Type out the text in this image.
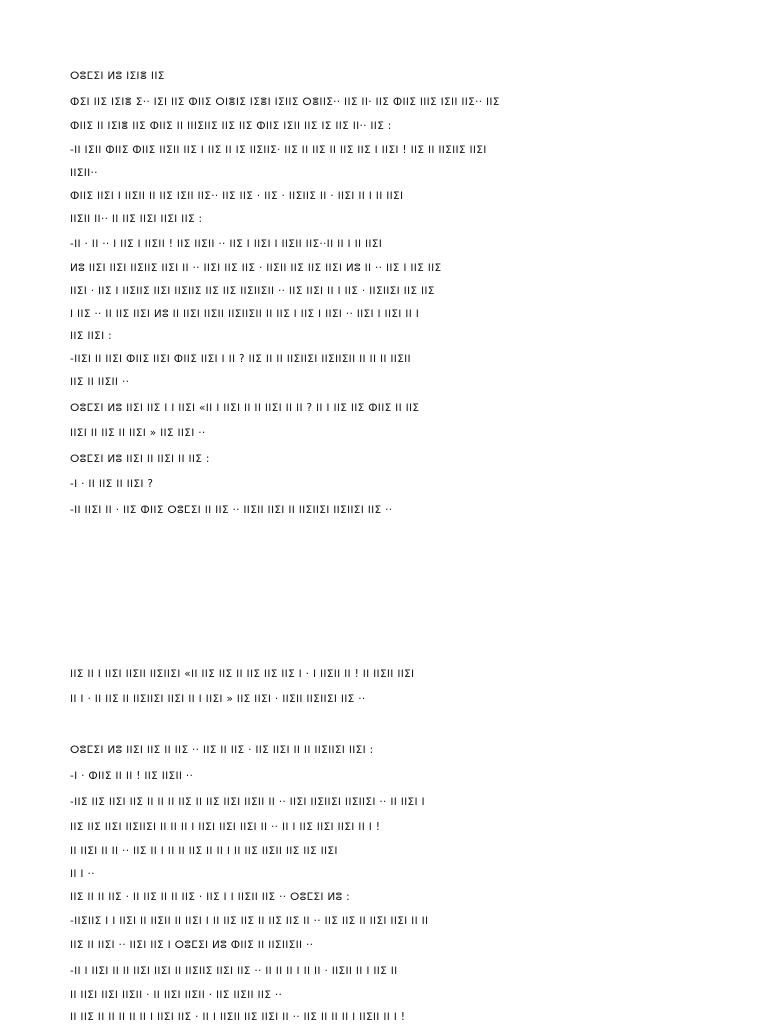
ⵔⵓⵎⵉⵏ ⵍⵓ ⵏⵉⵏⴻ ⵏⵏⵉ
ⵀⵉⵏ ⵏⵏⵉ ⵏⵉⵏⴻ ⵉ·· ⵏⵉⵏ ⵏⵏⵉ ⵀⵏⵏⵉ ⵔⵏⴻⵏⵉ ⵏⵉⴻⵏ ⵏⵉⵏⵏⵉ ⵔⴻⵏⵏⵉ·· ⵏⵏⵉ ⵏⵏ· ⵏⵏⵉ ⵀⵏⵏⵉ ⵏⵏⵏⵉ ⵏⵉⵏⵏ ⵏⵏⵉ·· ⵏⵏⵉ
ⵀⵏⵏⵉ ⵏⵏ ⵏⵉⵏⴻ ⵏⵏⵉ ⵀⵏⵏⵉ ⵏⵏ ⵏⵏⵏⵉⵏⵏⵉ ⵏⵏⵉ ⵏⵏⵉ ⵀⵏⵏⵉ ⵏⵉⵏⵏ ⵏⵏⵉ ⵏⵉ ⵏⵏⵉ ⵏⵏ·· ⵏⵏⵉ :
-ⵏⵏ ⵏⵉⵏⵏ ⵀⵏⵏⵉ ⵀⵏⵏⵉ ⵏⵏⵉⵏⵏ ⵏⵏⵉ ⵏ ⵏⵏⵉ ⵏⵏ ⵏⵉ ⵏⵏⵉⵏⵏⵉ· ⵏⵏⵉ ⵏⵏ ⵏⵏⵉ ⵏⵏ ⵏⵏⵉ ⵏⵏⵉ ⵏ ⵏⵏⵉⵏ ! ⵏⵏⵉ ⵏⵏ ⵏⵏⵉⵏⵏⵉ ⵏⵏⵉⵏ
ⵏⵏⵉⵏⵏ··
ⵀⵏⵏⵉ ⵏⵏⵉⵏ ⵏ ⵏⵏⵉⵏⵏ ⵏⵏ ⵏⵏⵉ ⵏⵉⵏⵏ ⵏⵏⵉ·· ⵏⵏⵉ ⵏⵏⵉ · ⵏⵏⵉ · ⵏⵏⵉⵏⵏⵉ ⵏⵏ · ⵏⵏⵉⵏ ⵏⵏ ⵏ ⵏⵏ ⵏⵏⵉⵏ
ⵏⵏⵉⵏⵏ ⵏⵏ·· ⵏⵏ ⵏⵏⵉ ⵏⵏⵉⵏ ⵏⵏⵉⵏ ⵏⵏⵉ :
-ⵏⵏ · ⵏⵏ ·· ⵏ ⵏⵏⵉ ⵏ ⵏⵏⵉⵏⵏ ! ⵏⵏⵉ ⵏⵏⵉⵏⵏ ·· ⵏⵏⵉ ⵏ ⵏⵏⵉⵏ ⵏ ⵏⵏⵉⵏⵏ ⵏⵏⵉ··ⵏⵏ ⵏⵏ ⵏ ⵏⵏ ⵏⵏⵉⵏ
ⵍⵓ ⵏⵏⵉⵏ ⵏⵏⵉⵏ ⵏⵏⵉⵏⵏⵉ ⵏⵏⵉⵏ ⵏⵏ ·· ⵏⵏⵉⵏ ⵏⵏⵉ ⵏⵏⵉ · ⵏⵏⵉⵏⵏ ⵏⵏⵉ ⵏⵏⵉ ⵏⵏⵉⵏ ⵍⵓ ⵏⵏ ·· ⵏⵏⵉ ⵏ ⵏⵏⵉ ⵏⵏⵉ
ⵏⵏⵉⵏ · ⵏⵏⵉ ⵏ ⵏⵏⵉⵏⵏⵉ ⵏⵏⵉⵏ ⵏⵏⵉⵏⵏⵉ ⵏⵏⵉ ⵏⵏⵉ ⵏⵏⵉⵏⵏⵉⵏⵏ ·· ⵏⵏⵉ ⵏⵏⵉⵏ ⵏⵏ ⵏ ⵏⵏⵉ · ⵏⵏⵉⵏⵏⵉⵏ ⵏⵏⵉ ⵏⵏⵉ
ⵏ ⵏⵏⵉ ·· ⵏⵏ ⵏⵏⵉ ⵏⵏⵉⵏ ⵍⵓ ⵏⵏ ⵏⵏⵉⵏ ⵏⵏⵉⵏⵏ ⵏⵏⵉⵏⵏⵉⵏⵏ ⵏⵏ ⵏⵏⵉ ⵏ ⵏⵏⵉ ⵏ ⵏⵏⵉⵏ ·· ⵏⵏⵉⵏ ⵏ ⵏⵏⵉⵏ ⵏⵏ ⵏ
ⵏⵏⵉ ⵏⵏⵉⵏ :
-ⵏⵏⵉⵏ ⵏⵏ ⵏⵏⵉⵏ ⵀⵏⵏⵉ ⵏⵏⵉⵏ ⵀⵏⵏⵉ ⵏⵏⵉⵏ ⵏ ⵏⵏ ? ⵏⵏⵉ ⵏⵏ ⵏⵏ ⵏⵏⵉⵏⵏⵉⵏ ⵏⵏⵉⵏⵏⵉⵏⵏ ⵏⵏ ⵏⵏ ⵏⵏ ⵏⵏⵉⵏⵏ
ⵏⵏⵉ ⵏⵏ ⵏⵏⵉⵏⵏ ··
ⵔⵓⵎⵉⵏ ⵍⵓ ⵏⵏⵉⵏ ⵏⵏⵉ ⵏ ⵏ ⵏⵏⵉⵏ «ⵏⵏ ⵏ ⵏⵏⵉⵏ ⵏⵏ ⵏⵏ ⵏⵏⵉⵏ ⵏⵏ ⵏⵏ ? ⵏⵏ ⵏ ⵏⵏⵉ ⵏⵏⵉ ⵀⵏⵏⵉ ⵏⵏ ⵏⵏⵉ
ⵏⵏⵉⵏ ⵏⵏ ⵏⵏⵉ ⵏⵏ ⵏⵏⵉⵏ » ⵏⵏⵉ ⵏⵏⵉⵏ ··
ⵔⵓⵎⵉⵏ ⵍⵓ ⵏⵏⵉⵏ ⵏⵏ ⵏⵏⵉⵏ ⵏⵏ ⵏⵏⵉ :
-ⵏ · ⵏⵏ ⵏⵏⵉ ⵏⵏ ⵏⵏⵉⵏ ?
-ⵏⵏ ⵏⵏⵉⵏ ⵏⵏ · ⵏⵏⵉ ⵀⵏⵏⵉ ⵔⵓⵎⵉⵏ ⵏⵏ ⵏⵏⵉ ·· ⵏⵏⵉⵏⵏ ⵏⵏⵉⵏ ⵏⵏ ⵏⵏⵉⵏⵏⵉⵏ ⵏⵏⵉⵏⵏⵉⵏ ⵏⵏⵉ ··
ⵏⵏⵉ ⵏⵏ ⵏ ⵏⵏⵉⵏ ⵏⵏⵉⵏⵏ ⵏⵏⵉⵏⵏⵉⵏ «ⵏⵏ ⵏⵏⵉ ⵏⵏⵉ ⵏⵏ ⵏⵏⵉ ⵏⵏⵉ ⵏⵏⵉ ⵏ · ⵏ ⵏⵏⵉⵏⵏ ⵏⵏ ! ⵏⵏ ⵏⵏⵉⵏⵏ ⵏⵏⵉⵏ
ⵏⵏ ⵏ · ⵏⵏ ⵏⵏⵉ ⵏⵏ ⵏⵏⵉⵏⵏⵉⵏ ⵏⵏⵉⵏ ⵏⵏ ⵏ ⵏⵏⵉⵏ » ⵏⵏⵉ ⵏⵏⵉⵏ · ⵏⵏⵉⵏⵏ ⵏⵏⵉⵏⵏⵉⵏ ⵏⵏⵉ ··
ⵔⵓⵎⵉⵏ ⵍⵓ ⵏⵏⵉⵏ ⵏⵏⵉ ⵏⵏ ⵏⵏⵉ ·· ⵏⵏⵉ ⵏⵏ ⵏⵏⵉ · ⵏⵏⵉ ⵏⵏⵉⵏ ⵏⵏ ⵏⵏ ⵏⵏⵉⵏⵏⵉⵏ ⵏⵏⵉⵏ :
-ⵏ · ⵀⵏⵏⵉ ⵏⵏ ⵏⵏ ! ⵏⵏⵉ ⵏⵏⵉⵏⵏ ··
-ⵏⵏⵉ ⵏⵏⵉ ⵏⵏⵉⵏ ⵏⵏⵉ ⵏⵏ ⵏⵏ ⵏⵏ ⵏⵏⵉ ⵏⵏ ⵏⵏⵉ ⵏⵏⵉⵏ ⵏⵏⵉⵏⵏ ⵏⵏ ·· ⵏⵏⵉⵏ ⵏⵏⵉⵏⵏⵉⵏ ⵏⵏⵉⵏⵏⵉⵏ ·· ⵏⵏ ⵏⵏⵉⵏ ⵏ
ⵏⵏⵉ ⵏⵏⵉ ⵏⵏⵉⵏ ⵏⵏⵉⵏⵏⵉⵏ ⵏⵏ ⵏⵏ ⵏⵏ ⵏ ⵏⵏⵉⵏ ⵏⵏⵉⵏ ⵏⵏⵉⵏ ⵏⵏ ·· ⵏⵏ ⵏ ⵏⵏⵉ ⵏⵏⵉⵏ ⵏⵏⵉⵏ ⵏⵏ ⵏ !
ⵏⵏ ⵏⵏⵉⵏ ⵏⵏ ⵏⵏ ·· ⵏⵏⵉ ⵏⵏ ⵏ ⵏⵏ ⵏⵏ ⵏⵏⵉ ⵏⵏ ⵏⵏ ⵏ ⵏⵏ ⵏⵏⵉ ⵏⵏⵉⵏⵏ ⵏⵏⵉ ⵏⵏⵉ ⵏⵏⵉⵏ
ⵏⵏ ⵏ ··
ⵏⵏⵉ ⵏⵏ ⵏⵏ ⵏⵏⵉ · ⵏⵏ ⵏⵏⵉ ⵏⵏ ⵏⵏ ⵏⵏⵉ · ⵏⵏⵉ ⵏ ⵏ ⵏⵏⵉⵏⵏ ⵏⵏⵉ ·· ⵔⵓⵎⵉⵏ ⵍⵓ :
-ⵏⵏⵉⵏⵏⵉ ⵏ ⵏ ⵏⵏⵉⵏ ⵏⵏ ⵏⵏⵉⵏⵏ ⵏⵏ ⵏⵏⵉⵏ ⵏ ⵏⵏ ⵏⵏⵉ ⵏⵏⵉ ⵏⵏ ⵏⵏⵉ ⵏⵏⵉ ⵏⵏ ·· ⵏⵏⵉ ⵏⵏⵉ ⵏⵏ ⵏⵏⵉⵏ ⵏⵏⵉⵏ ⵏⵏ ⵏⵏ
ⵏⵏⵉ ⵏⵏ ⵏⵏⵉⵏ ·· ⵏⵏⵉⵏ ⵏⵏⵉ ⵏ ⵔⵓⵎⵉⵏ ⵍⵓ ⵀⵏⵏⵉ ⵏⵏ ⵏⵏⵉⵏⵏⵉⵏⵏ ··
-ⵏⵏ ⵏ ⵏⵏⵉⵏ ⵏⵏ ⵏⵏ ⵏⵏⵉⵏ ⵏⵏⵉⵏ ⵏⵏ ⵏⵏⵉⵏⵏⵉ ⵏⵏⵉⵏ ⵏⵏⵉ ·· ⵏⵏ ⵏⵏ ⵏⵏ ⵏ ⵏⵏ ⵏⵏ · ⵏⵏⵉⵏⵏ ⵏⵏ ⵏ ⵏⵏⵉ ⵏⵏ
ⵏⵏ ⵏⵏⵉⵏ ⵏⵏⵉⵏ ⵏⵏⵉⵏⵏ · ⵏⵏ ⵏⵏⵉⵏ ⵏⵏⵉⵏⵏ · ⵏⵏⵉ ⵏⵏⵉⵏⵏ ⵏⵏⵉ ··
ⵏⵏ ⵏⵏⵉ ⵏⵏ ⵏⵏ ⵏⵏ ⵏⵏ ⵏⵏ ⵏ ⵏⵏⵉⵏ ⵏⵏⵉ · ⵏⵏ ⵏ ⵏⵏⵉⵏⵏ ⵏⵏⵉ ⵏⵏⵉⵏ ⵏⵏ ·· ⵏⵏⵉ ⵏⵏ ⵏⵏ ⵏⵏ ⵏ ⵏⵏⵉⵏⵏ ⵏⵏ ⵏ !
